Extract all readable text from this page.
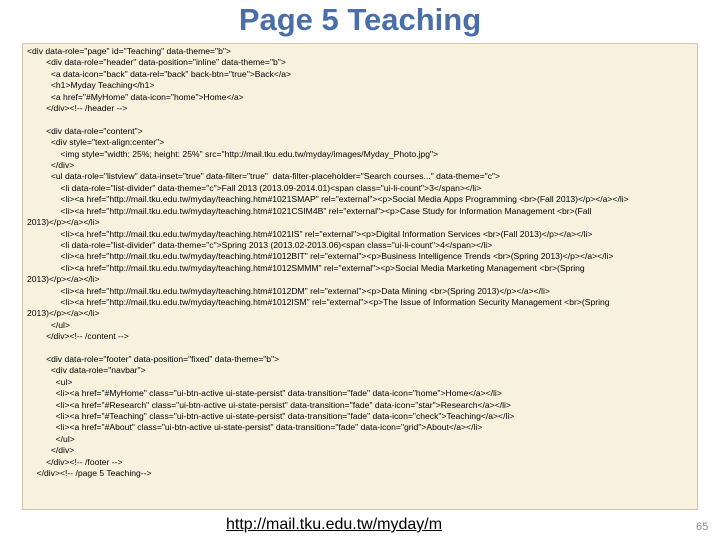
Page 5 Teaching
<div data-role="page" id="Teaching" data-theme="b">
<div data-role="header" data-position="inline" data-theme="b">
<a data-icon="back" data-rel="back" back-btn="true">Back</a>
<h1>Myday Teaching</h1>
<a href="#MyHome" data-icon="home">Home</a>
</div><!-- /header -->

<div data-role="content">
<div style="text-align:center">
<img style="width: 25%; height: 25%" src="http://mail.tku.edu.tw/myday/images/Myday_Photo.jpg">
</div>
<ul data-role="listview" data-inset="true" data-filter="true"  data-filter-placeholder="Search courses..." data-theme="c">
<li data-role="list-divider" data-theme="c">Fall 2013 (2013.09-2014.01)<span class="ui-li-count">3</span></li>
<li><a href="http://mail.tku.edu.tw/myday/teaching.htm#1021SMAP" rel="external"><p>Social Media Apps Programming <br>(Fall 2013)</p></a></li>
<li><a href="http://mail.tku.edu.tw/myday/teaching.htm#1021CSIM4B" rel="external"><p>Case Study for Information Management <br>(Fall
2013)</p></a></li>
<li><a href="http://mail.tku.edu.tw/myday/teaching.htm#1021IS" rel="external"><p>Digital Information Services <br>(Fall 2013)</p></a></li>
<li data-role="list-divider" data-theme="c">Spring 2013 (2013.02-2013.06)<span class="ui-li-count">4</span></li>
<li><a href="http://mail.tku.edu.tw/myday/teaching.htm#1012BIT" rel="external"><p>Business Intelligence Trends <br>(Spring 2013)</p></a></li>
<li><a href="http://mail.tku.edu.tw/myday/teaching.htm#1012SMMM" rel="external"><p>Social Media Marketing Management <br>(Spring
2013)</p></a></li>
<li><a href="http://mail.tku.edu.tw/myday/teaching.htm#1012DM" rel="external"><p>Data Mining <br>(Spring 2013)</p></a></li>
<li><a href="http://mail.tku.edu.tw/myday/teaching.htm#1012ISM" rel="external"><p>The Issue of Information Security Management <br>(Spring
2013)</p></a></li>
</ul>
</div><!-- /content -->

<div data-role="footer" data-position="fixed" data-theme="b">
<div data-role="navbar">
<ul>
<li><a href="#MyHome" class="ui-btn-active ui-state-persist" data-transition="fade" data-icon="home">Home</a></li>
<li><a href="#Research" class="ui-btn-active ui-state-persist" data-transition="fade" data-icon="star">Research</a></li>
<li><a href="#Teaching" class="ui-btn-active ui-state-persist" data-transition="fade" data-icon="check">Teaching</a></li>
<li><a href="#About" class="ui-btn-active ui-state-persist" data-transition="fade" data-icon="grid">About</a></li>
</ul>
</div>
</div><!-- /footer -->
</div><!-- /page 5 Teaching-->
http://mail.tku.edu.tw/myday/m	65
